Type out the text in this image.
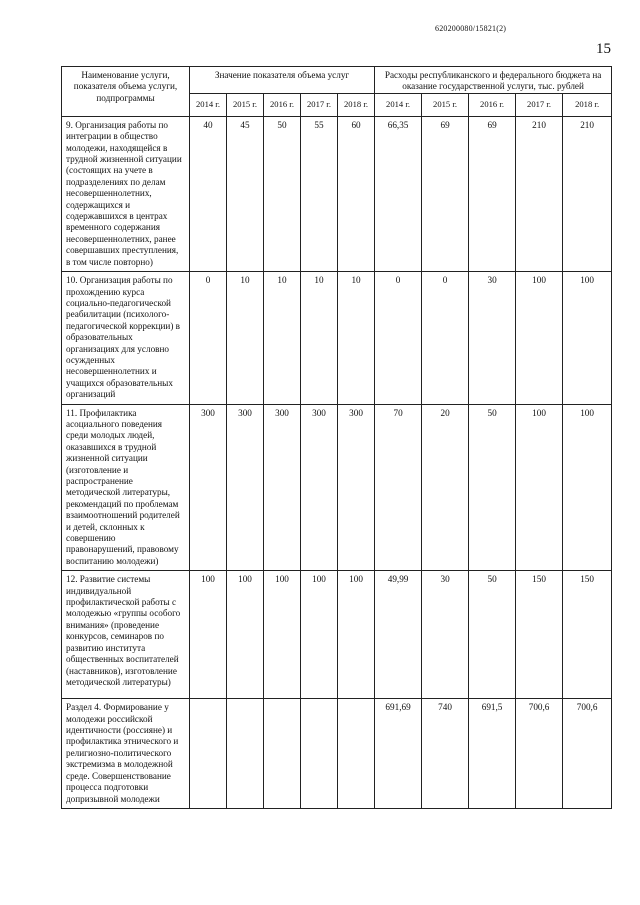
620200080/15821(2)
15
Наименование услуги, показателя объема услуги, подпрограммы	Значение показателя объема услуг					Расходы республиканского и федерального бюджета на оказание государственной услуги, тыс. рублей				
	2014 г.	2015 г.	2016 г.	2017 г.	2018 г.	2014 г.	2015 г.	2016 г.	2017 г.	2018 г.
9. Организация работы по интеграции в общество молодежи, находящейся в трудной жизненной ситуации (состоящих на учете в подразделениях по делам несовершеннолетних, содержащихся и содержавшихся в центрах временного содержания несовершеннолетних, ранее совершавших преступления, в том числе повторно)	40	45	50	55	60	66,35	69	69	210	210
10. Организация работы по прохождению курса социально-педагогической реабилитации (психолого-педагогической коррекции) в образовательных организациях для условно осужденных несовершеннолетних и учащихся образовательных организаций	0	10	10	10	10	0	0	30	100	100
11. Профилактика асоциального поведения среди молодых людей, оказавшихся в трудной жизненной ситуации (изготовление и распространение методической литературы, рекомендаций по проблемам взаимоотношений родителей и детей, склонных к совершению правонарушений, правовому воспитанию молодежи)	300	300	300	300	300	70	20	50	100	100
12. Развитие системы индивидуальной профилактической работы с молодежью «группы особого внимания» (проведение конкурсов, семинаров по развитию института общественных воспитателей (наставников), изготовление методической литературы)	100	100	100	100	100	49,99	30	50	150	150
Раздел 4. Формирование у молодежи российской идентичности (россияне) и профилактика этнического и религиозно-политического экстремизма в молодежной среде. Совершенствование процесса подготовки допризывной молодежи						691,69	740	691,5	700,6	700,6
